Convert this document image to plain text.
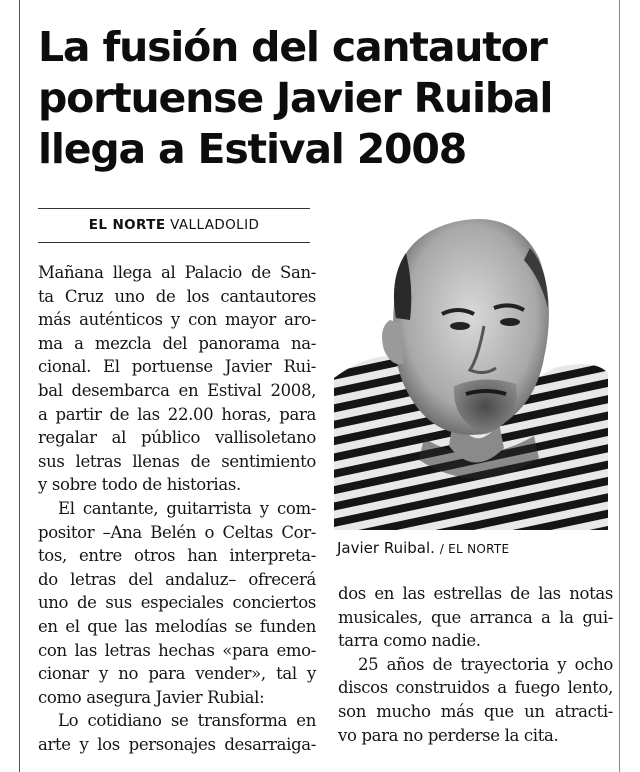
La fusión del cantautor
portuense Javier Ruibal
llega a Estival 2008
EL NORTE VALLADOLID
Javier Ruibal. / EL NORTE
Mañana llega al Palacio de San-
ta Cruz uno de los cantautores
más auténticos y con mayor aro-
ma a mezcla del panorama na-
cional. El portuense Javier Rui-
bal desembarca en Estival 2008,
a partir de las 22.00 horas, para
regalar al público vallisoletano
sus letras llenas de sentimiento
y sobre todo de historias.
El cantante, guitarrista y com-
positor –Ana Belén o Celtas Cor-
tos, entre otros han interpreta-
do letras del andaluz– ofrecerá
uno de sus especiales conciertos
en el que las melodías se funden
con las letras hechas «para emo-
cionar y no para vender», tal y
como asegura Javier Rubial:
Lo cotidiano se transforma en
arte y los personajes desarraiga-
dos en las estrellas de las notas
musicales, que arranca a la gui-
tarra como nadie.
25 años de trayectoria y ocho
discos construidos a fuego lento,
son mucho más que un atracti-
vo para no perderse la cita.
